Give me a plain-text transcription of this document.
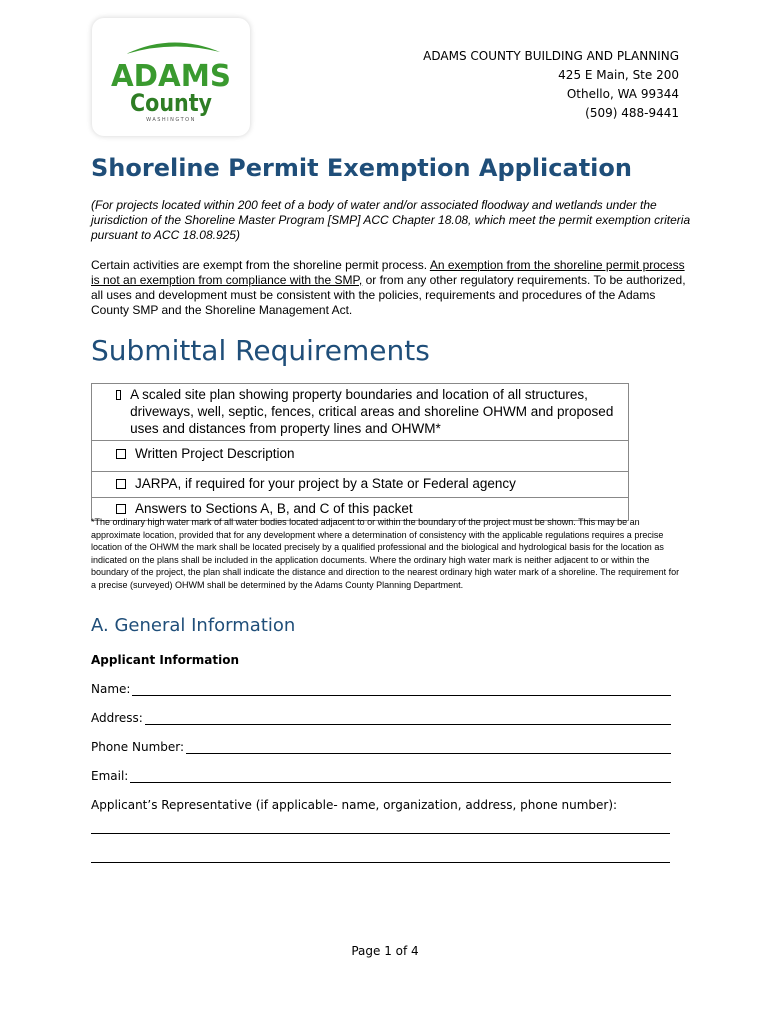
ADAMS
County
WASHINGTON
ADAMS COUNTY BUILDING AND PLANNING
425 E Main, Ste 200
Othello, WA 99344
(509) 488-9441
Shoreline Permit Exemption Application

(For projects located within 200 feet of a body of water and/or associated floodway and wetlands under the jurisdiction of the Shoreline Master Program [SMP] ACC Chapter 18.08, which meet the permit exemption criteria pursuant to ACC 18.08.925)

Certain activities are exempt from the shoreline permit process. An exemption from the shoreline permit process is not an exemption from compliance with the SMP, or from any other regulatory requirements. To be authorized, all uses and development must be consistent with the policies, requirements and procedures of the Adams County SMP and the Shoreline Management Act.

Submittal Requirements
A scaled site plan showing property boundaries and location of all structures, driveways, well, septic, fences, critical areas and shoreline OHWM and proposed uses and distances from property lines and OHWM*

Written Project Description

JARPA, if required for your project by a State or Federal agency

Answers to Sections A, B, and C of this packet

*The ordinary high water mark of all water bodies located adjacent to or within the boundary of the project must be shown. This may be an approximate location, provided that for any development where a determination of consistency with the applicable regulations requires a precise location of the OHWM the mark shall be located precisely by a qualified professional and the biological and hydrological basis for the location as indicated on the plans shall be included in the application documents. Where the ordinary high water mark is neither adjacent to or within the boundary of the project, the plan shall indicate the distance and direction to the nearest ordinary high water mark of a shoreline. The requirement for a precise (surveyed) OHWM shall be determined by the Adams County Planning Department.

A. General Information
Applicant Information
Name:
Address:
Phone Number:
Email:
Applicant’s Representative (if applicable- name, organization, address, phone number):
Page 1 of 4
